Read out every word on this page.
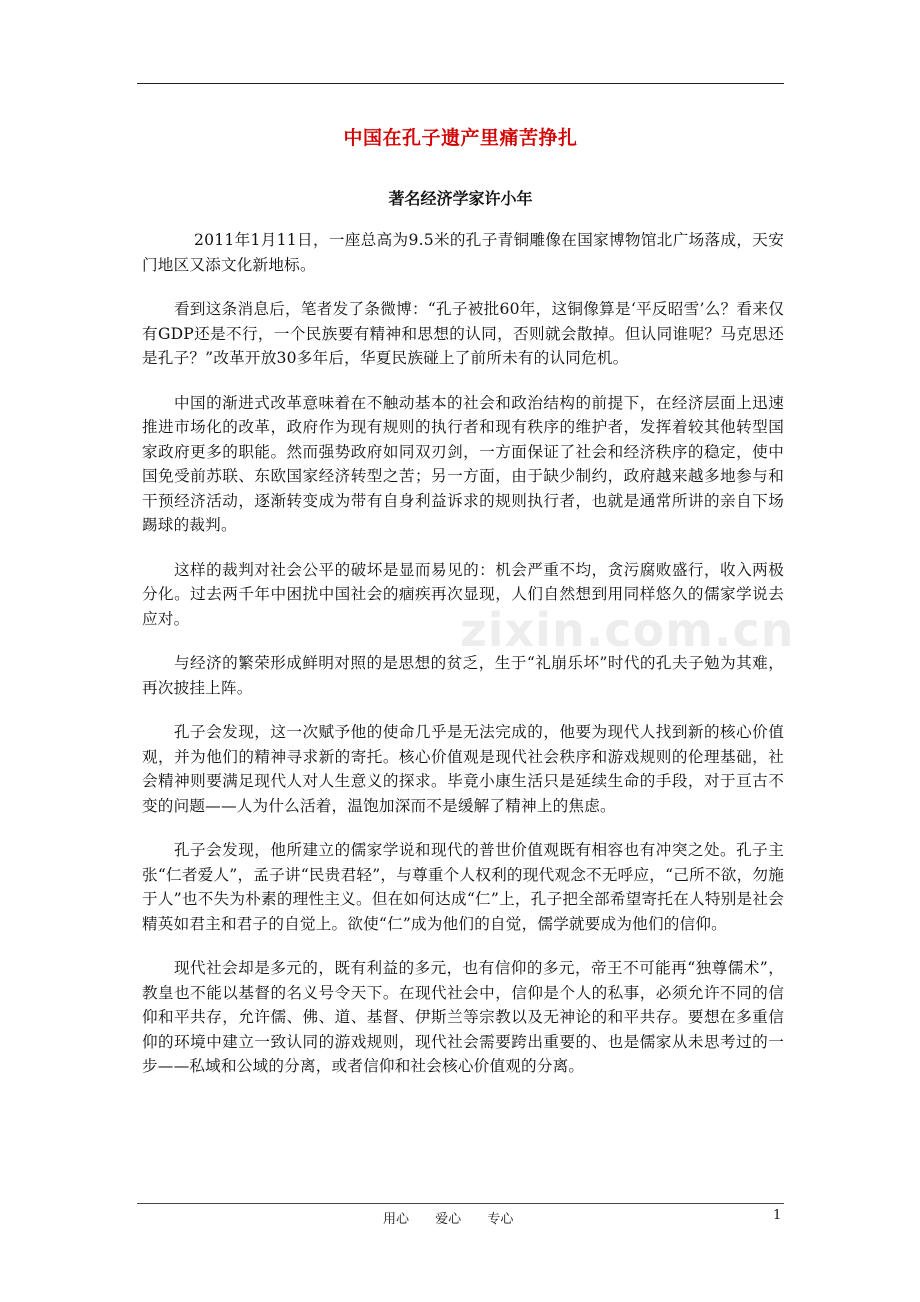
中国在孔子遗产里痛苦挣扎
著名经济学家许小年

2011年1月11日，一座总高为9.5米的孔子青铜雕像在国家博物馆北广场落成，天安门地区又添文化新地标。

看到这条消息后，笔者发了条微博：“孔子被批60年，这铜像算是‘平反昭雪’么？看来仅有GDP还是不行，一个民族要有精神和思想的认同，否则就会散掉。但认同谁呢？马克思还是孔子？”改革开放30多年后，华夏民族碰上了前所未有的认同危机。

中国的渐进式改革意味着在不触动基本的社会和政治结构的前提下，在经济层面上迅速推进市场化的改革，政府作为现有规则的执行者和现有秩序的维护者，发挥着较其他转型国家政府更多的职能。然而强势政府如同双刃剑，一方面保证了社会和经济秩序的稳定，使中国免受前苏联、东欧国家经济转型之苦；另一方面，由于缺少制约，政府越来越多地参与和干预经济活动，逐渐转变成为带有自身利益诉求的规则执行者，也就是通常所讲的亲自下场踢球的裁判。

这样的裁判对社会公平的破坏是显而易见的：机会严重不均，贪污腐败盛行，收入两极分化。过去两千年中困扰中国社会的痼疾再次显现，人们自然想到用同样悠久的儒家学说去应对。

与经济的繁荣形成鲜明对照的是思想的贫乏，生于“礼崩乐坏”时代的孔夫子勉为其难，再次披挂上阵。

孔子会发现，这一次赋予他的使命几乎是无法完成的，他要为现代人找到新的核心价值观，并为他们的精神寻求新的寄托。核心价值观是现代社会秩序和游戏规则的伦理基础，社会精神则要满足现代人对人生意义的探求。毕竟小康生活只是延续生命的手段，对于亘古不变的问题——人为什么活着，温饱加深而不是缓解了精神上的焦虑。

孔子会发现，他所建立的儒家学说和现代的普世价值观既有相容也有冲突之处。孔子主张“仁者爱人”，孟子讲“民贵君轻”，与尊重个人权利的现代观念不无呼应，“己所不欲，勿施于人”也不失为朴素的理性主义。但在如何达成“仁”上，孔子把全部希望寄托在人特别是社会精英如君主和君子的自觉上。欲使“仁”成为他们的自觉，儒学就要成为他们的信仰。

现代社会却是多元的，既有利益的多元，也有信仰的多元，帝王不可能再“独尊儒术”，教皇也不能以基督的名义号令天下。在现代社会中，信仰是个人的私事，必须允许不同的信仰和平共存，允许儒、佛、道、基督、伊斯兰等宗教以及无神论的和平共存。要想在多重信仰的环境中建立一致认同的游戏规则，现代社会需要跨出重要的、也是儒家从未思考过的一步——私域和公域的分离，或者信仰和社会核心价值观的分离。

zixin.com.cn
用心 爱心 专心	1
